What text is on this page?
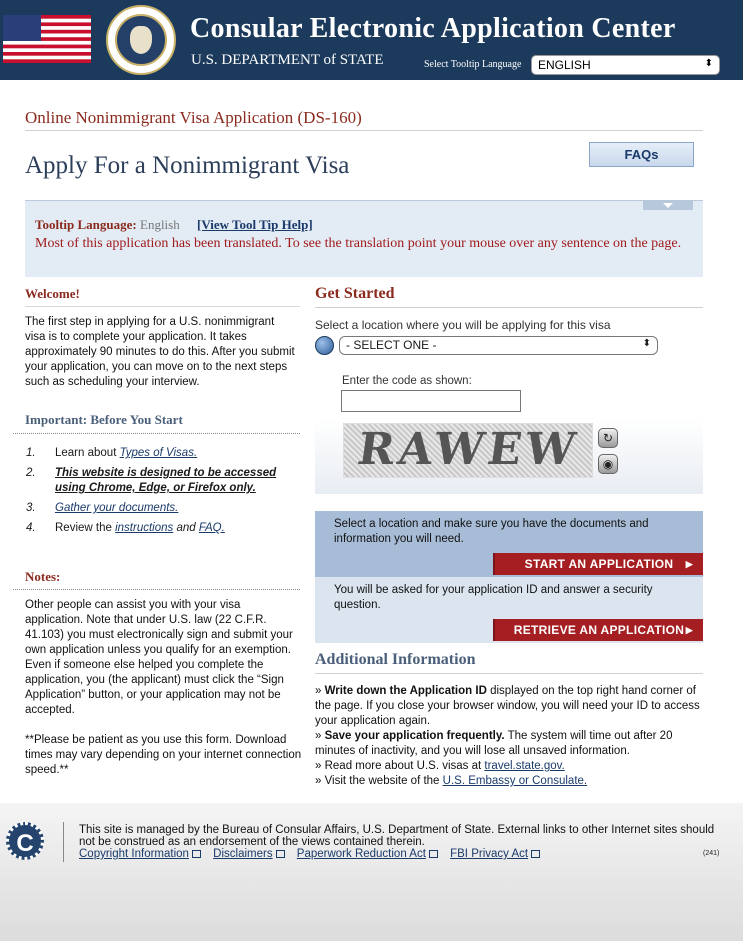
Consular Electronic Application Center
U.S. DEPARTMENT of STATE	Select Tooltip Language	ENGLISH	⬍
Online Nonimmigrant Visa Application (DS-160)
Apply For a Nonimmigrant Visa	FAQs
Tooltip Language: English [View Tool Tip Help]
Most of this application has been translated. To see the translation point your mouse over any sentence on the page.
Welcome!
The first step in applying for a U.S. nonimmigrant visa is to complete your application. It takes approximately 90 minutes to do this. After you submit your application, you can move on to the next steps such as scheduling your interview.
Important: Before You Start
1. Learn about Types of Visas.
2. This website is designed to be accessed using Chrome, Edge, or Firefox only.
3. Gather your documents.
4. Review the instructions and FAQ.
Notes:
Other people can assist you with your visa application. Note that under U.S. law (22 C.F.R. 41.103) you must electronically sign and submit your own application unless you qualify for an exemption. Even if someone else helped you complete the application, you (the applicant) must click the “Sign Application” button, or your application may not be accepted.
**Please be patient as you use this form. Download times may vary depending on your internet connection speed.**
Get Started
Select a location where you will be applying for this visa
- SELECT ONE -	⬍
Enter the code as shown:
RAWEW	↻
◉
Select a location and make sure you have the documents and information you will need.
START AN APPLICATION ▶
You will be asked for your application ID and answer a security question.
RETRIEVE AN APPLICATION ▶
Additional Information

» Write down the Application ID displayed on the top right hand corner of the page. If you close your browser window, you will need your ID to access your application again.

» Save your application frequently. The system will time out after 20 minutes of inactivity, and you will lose all unsaved information.

» Read more about U.S. visas at travel.state.gov.

» Visit the website of the U.S. Embassy or Consulate.

C	This site is managed by the Bureau of Consular Affairs, U.S. Department of State. External links to other Internet sites should not be construed as an endorsement of the views contained therein.
Copyright Information Disclaimers Paperwork Reduction Act FBI Privacy Act	(241)
